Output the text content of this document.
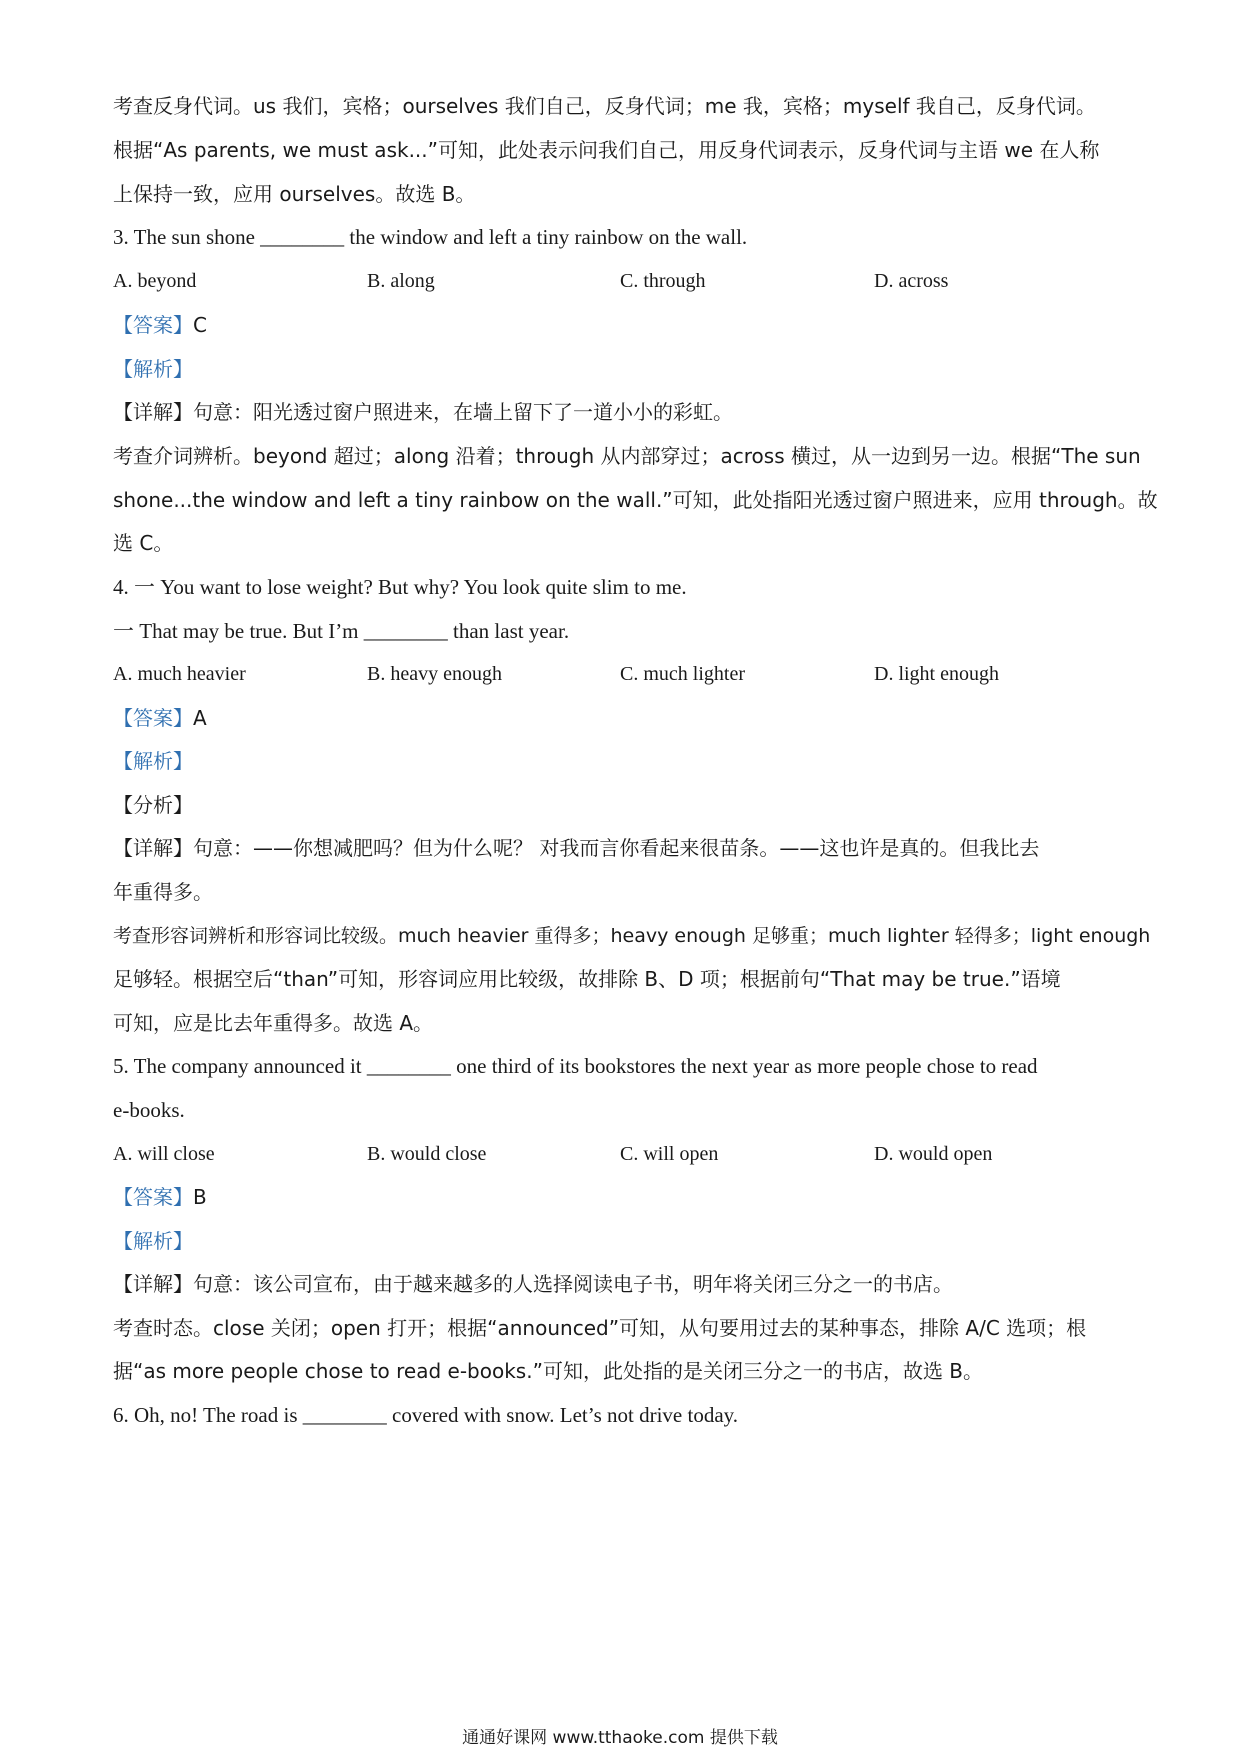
考查反身代词。us 我们，宾格；ourselves 我们自己，反身代词；me 我，宾格；myself 我自己，反身代词。
根据“As parents, we must ask...”可知，此处表示问我们自己，用反身代词表示，反身代词与主语 we 在人称
上保持一致，应用 ourselves。故选 B。
3. The sun shone ________ the window and left a tiny rainbow on the wall.
A. beyond	B. along	C. through	D. across
【答案】C
【解析】
【详解】句意：阳光透过窗户照进来，在墙上留下了一道小小的彩虹。
考查介词辨析。beyond 超过；along 沿着；through 从内部穿过；across 横过，从一边到另一边。根据“The sun
shone...the window and left a tiny rainbow on the wall.”可知，此处指阳光透过窗户照进来，应用 through。故
选 C。
4. 一 You want to lose weight? But why? You look quite slim to me.
一 That may be true. But I’m ________ than last year.
A. much heavier	B. heavy enough	C. much lighter	D. light enough
【答案】A
【解析】
【分析】
【详解】句意：——你想减肥吗？但为什么呢？ 对我而言你看起来很苗条。——这也许是真的。但我比去
年重得多。
考查形容词辨析和形容词比较级。much heavier 重得多；heavy enough 足够重；much lighter 轻得多；light enough
足够轻。根据空后“than”可知，形容词应用比较级，故排除 B、D 项；根据前句“That may be true.”语境
可知，应是比去年重得多。故选 A。
5. The company announced it ________ one third of its bookstores the next year as more people chose to read
e-books.
A. will close	B. would close	C. will open	D. would open
【答案】B
【解析】
【详解】句意：该公司宣布，由于越来越多的人选择阅读电子书，明年将关闭三分之一的书店。
考查时态。close 关闭；open 打开；根据“announced”可知，从句要用过去的某种事态，排除 A/C 选项；根
据“as more people chose to read e-books.”可知，此处指的是关闭三分之一的书店，故选 B。
6. Oh, no! The road is ________ covered with snow. Let’s not drive today.
通通好课网 www.tthaoke.com 提供下载
